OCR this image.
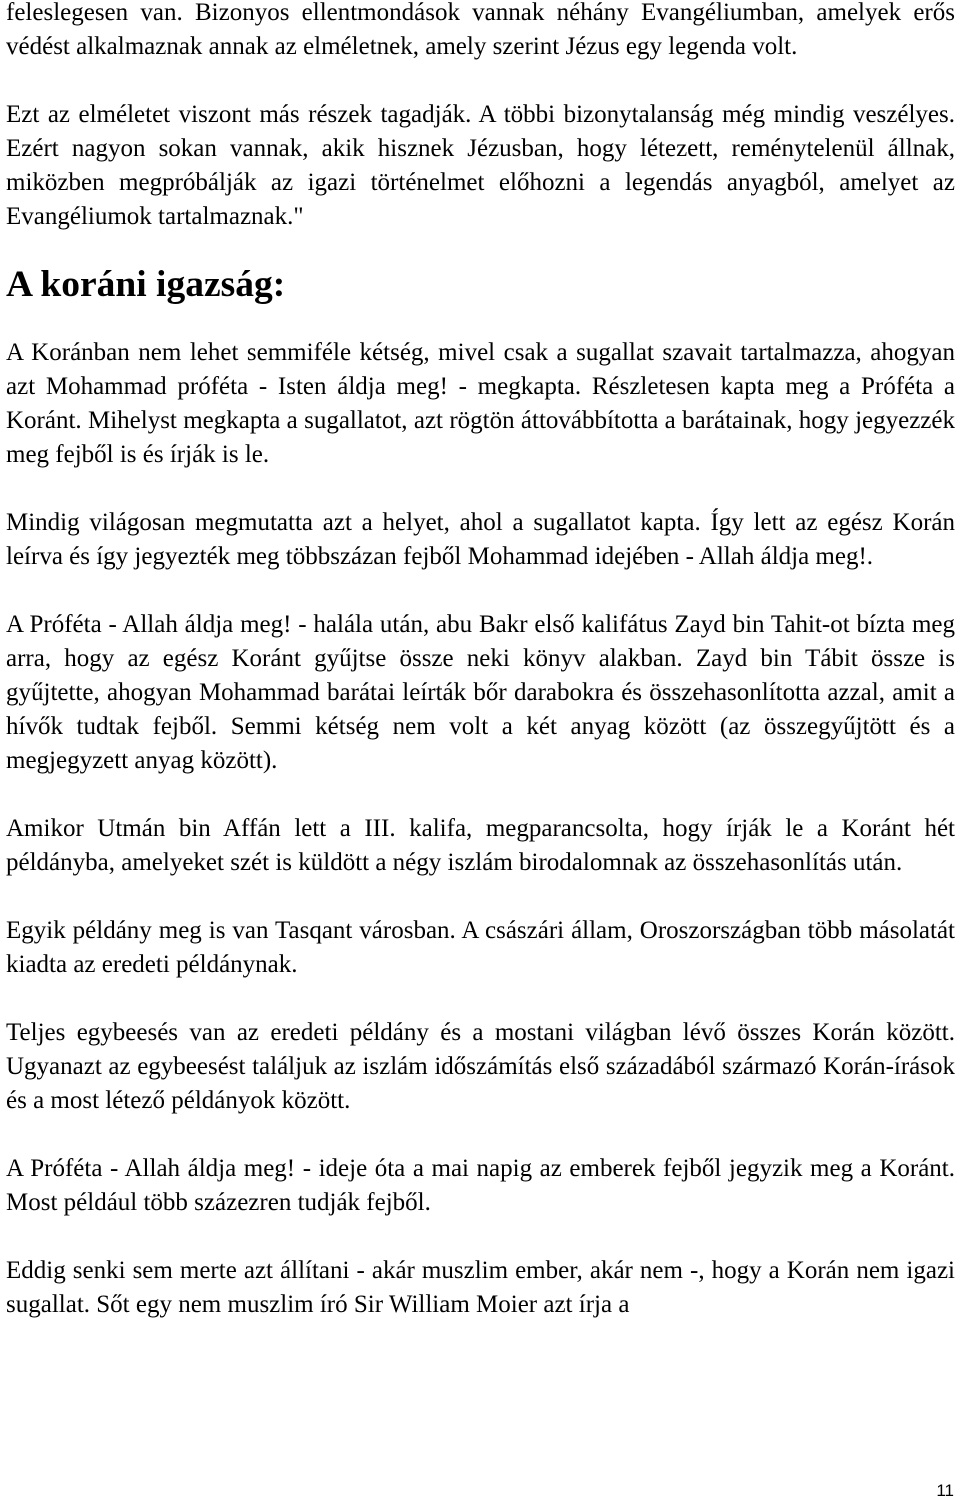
feleslegesen van. Bizonyos ellentmondások vannak néhány Evangéliumban, amelyek erős védést alkalmaznak annak az elméletnek, amely szerint Jézus egy legenda volt.

Ezt az elméletet viszont más részek tagadják. A többi bizonytalanság még mindig veszélyes. Ezért nagyon sokan vannak, akik hisznek Jézusban, hogy létezett, reménytelenül állnak, miközben megpróbálják az igazi történelmet előhozni a legendás anyagból, amelyet az Evangéliumok tartalmaznak."

A koráni igazság:

A Koránban nem lehet semmiféle kétség, mivel csak a sugallat szavait tartalmazza, ahogyan azt Mohammad próféta - Isten áldja meg! - megkapta. Részletesen kapta meg a Próféta a Koránt. Mihelyst megkapta a sugallatot, azt rögtön áttovábbította a barátainak, hogy jegyezzék meg fejből is és írják is le.

Mindig világosan megmutatta azt a helyet, ahol a sugallatot kapta. Így lett az egész Korán leírva és így jegyezték meg többszázan fejből Mohammad idejében - Allah áldja meg!.

A Próféta - Allah áldja meg! - halála után, abu Bakr első kalifátus Zayd bin Tahit-ot bízta meg arra, hogy az egész Koránt gyűjtse össze neki könyv alakban. Zayd bin Tábit össze is gyűjtette, ahogyan Mohammad barátai leírták bőr darabokra és összehasonlította azzal, amit a hívők tudtak fejből. Semmi kétség nem volt a két anyag között (az összegyűjtött és a megjegyzett anyag között).

Amikor Utmán bin Affán lett a III. kalifa, megparancsolta, hogy írják le a Koránt hét példányba, amelyeket szét is küldött a négy iszlám birodalomnak az összehasonlítás után.

Egyik példány meg is van Tasqant városban. A császári állam, Oroszországban több másolatát kiadta az eredeti példánynak.

Teljes egybeesés van az eredeti példány és a mostani világban lévő összes Korán között. Ugyanazt az egybeesést találjuk az iszlám időszámítás első századából származó Korán-írások és a most létező példányok között.

A Próféta - Allah áldja meg! - ideje óta a mai napig az emberek fejből jegyzik meg a Koránt. Most például több százezren tudják fejből.

Eddig senki sem merte azt állítani - akár muszlim ember, akár nem -, hogy a Korán nem igazi sugallat. Sőt egy nem muszlim író Sir William Moier azt írja a

11
